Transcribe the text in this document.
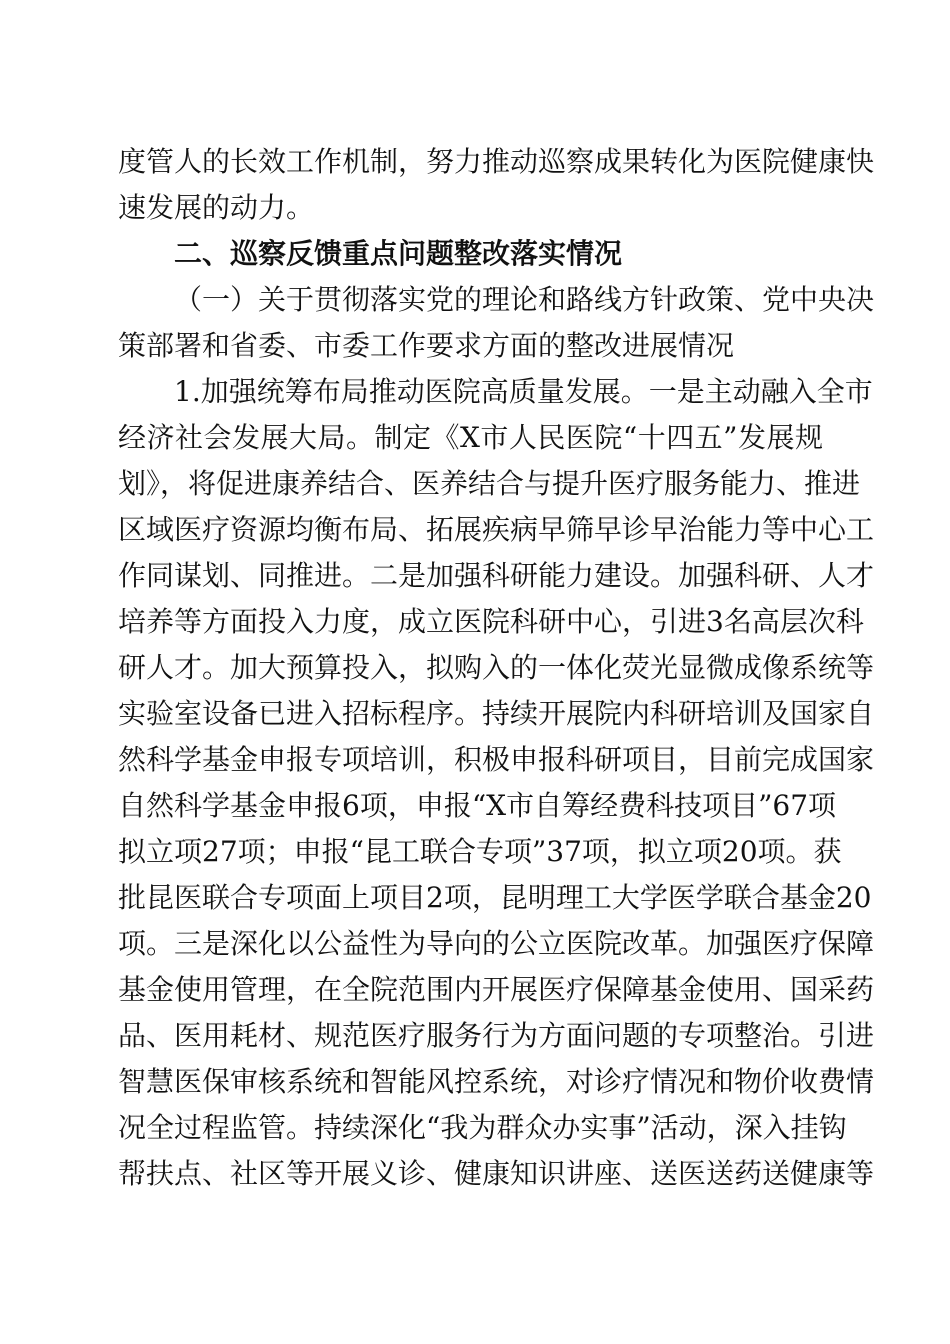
度管人的长效工作机制，努力推动巡察成果转化为医院健康快
速发展的动力。
二、巡察反馈重点问题整改落实情况
（一）关于贯彻落实党的理论和路线方针政策、党中央决
策部署和省委、市委工作要求方面的整改进展情况
1.加强统筹布局推动医院高质量发展。一是主动融入全市
经济社会发展大局。制定《X市人民医院“十四五”发展规
划》，将促进康养结合、医养结合与提升医疗服务能力、推进
区域医疗资源均衡布局、拓展疾病早筛早诊早治能力等中心工
作同谋划、同推进。二是加强科研能力建设。加强科研、人才
培养等方面投入力度，成立医院科研中心，引进3名高层次科
研人才。加大预算投入，拟购入的一体化荧光显微成像系统等
实验室设备已进入招标程序。持续开展院内科研培训及国家自
然科学基金申报专项培训，积极申报科研项目，目前完成国家
自然科学基金申报6项，申报“X市自筹经费科技项目”67项
拟立项27项；申报“昆工联合专项”37项，拟立项20项。获
批昆医联合专项面上项目2项，昆明理工大学医学联合基金20
项。三是深化以公益性为导向的公立医院改革。加强医疗保障
基金使用管理，在全院范围内开展医疗保障基金使用、国采药
品、医用耗材、规范医疗服务行为方面问题的专项整治。引进
智慧医保审核系统和智能风控系统，对诊疗情况和物价收费情
况全过程监管。持续深化“我为群众办实事”活动，深入挂钩
帮扶点、社区等开展义诊、健康知识讲座、送医送药送健康等
